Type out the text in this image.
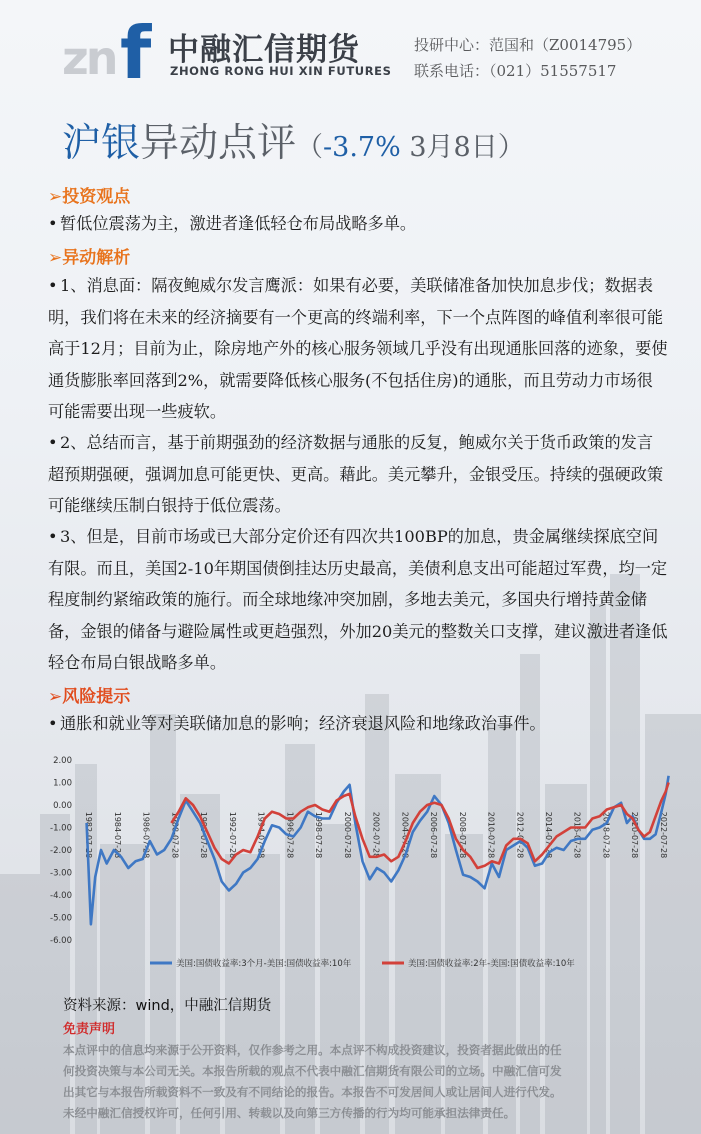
zn f 中融汇信期货
ZHONG RONG HUI XIN FUTURES
投研中心：范国和（Z0014795）
联系电话：（021）51557517
沪银异动点评（-3.7% 3月8日）
➢投资观点
• 暂低位震荡为主，激进者逢低轻仓布局战略多单。
➢异动解析
• 1、消息面：隔夜鲍威尔发言鹰派：如果有必要，美联储准备加快加息步伐；数据表明，我们将在未来的经济摘要有一个更高的终端利率，下一个点阵图的峰值利率很可能高于12月；目前为止，除房地产外的核心服务领域几乎没有出现通胀回落的迹象，要使通货膨胀率回落到2%，就需要降低核心服务(不包括住房)的通胀，而且劳动力市场很可能需要出现一些疲软。
• 2、总结而言，基于前期强劲的经济数据与通胀的反复，鲍威尔关于货币政策的发言超预期强硬，强调加息可能更快、更高。藉此。美元攀升，金银受压。持续的强硬政策可能继续压制白银持于低位震荡。
• 3、但是，目前市场或已大部分定价还有四次共100BP的加息，贵金属继续探底空间有限。而且，美国2-10年期国债倒挂达历史最高，美债利息支出可能超过军费，均一定程度制约紧缩政策的施行。而全球地缘冲突加剧，多地去美元，多国央行增持黄金储备，金银的储备与避险属性或更趋强烈，外加20美元的整数关口支撑，建议激进者逢低轻仓布局白银战略多单。
➢风险提示
• 通胀和就业等对美联储加息的影响；经济衰退风险和地缘政治事件。
2.00
1.00
0.00
-1.00
-2.00
-3.00
-4.00
-5.00
-6.00
1982-07-28 1984-07-28 1986-07-28 1988-07-28 1990-07-28 1992-07-28 1994-07-28 1996-07-28 1998-07-28 2000-07-28 2002-07-28 2004-07-28 2006-07-28 2008-07-28 2010-07-28 2012-07-28 2014-07-28 2016-07-28 2018-07-28 2020-07-28 2022-07-28
美国:国债收益率:3个月-美国:国债收益率:10年	美国:国债收益率:2年-美国:国债收益率:10年
资料来源：wind，中融汇信期货
免责声明
本点评中的信息均来源于公开资料，仅作参考之用。本点评不构成投资建议，投资者据此做出的任
何投资决策与本公司无关。本报告所载的观点不代表中融汇信期货有限公司的立场。中融汇信可发
出其它与本报告所载资料不一致及有不同结论的报告。本报告不可发居间人或让居间人进行代发。
未经中融汇信授权许可，任何引用、转载以及向第三方传播的行为均可能承担法律责任。
